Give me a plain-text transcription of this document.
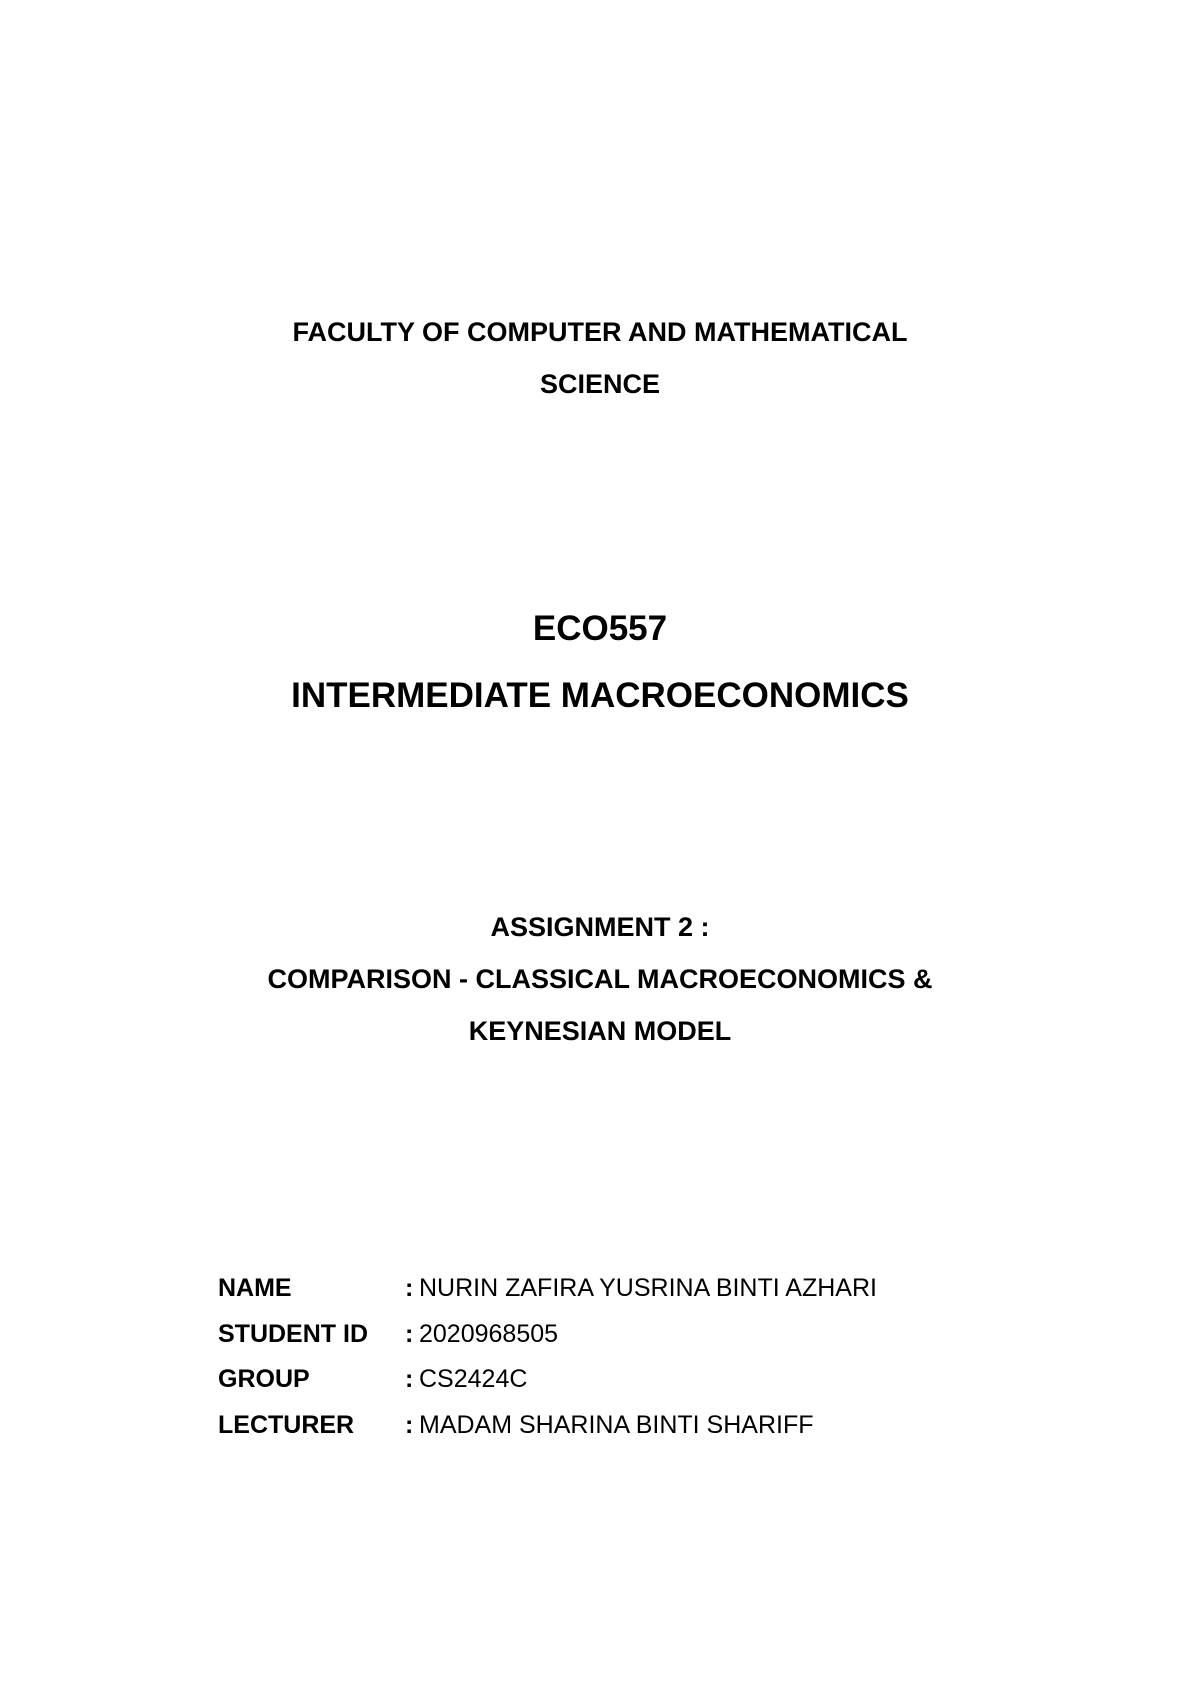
FACULTY OF COMPUTER AND MATHEMATICAL
SCIENCE
ECO557
INTERMEDIATE MACROECONOMICS
ASSIGNMENT 2 :
COMPARISON - CLASSICAL MACROECONOMICS &
KEYNESIAN MODEL
NAME	: NURIN ZAFIRA YUSRINA BINTI AZHARI
STUDENT ID	: 2020968505
GROUP	: CS2424C
LECTURER	: MADAM SHARINA BINTI SHARIFF
